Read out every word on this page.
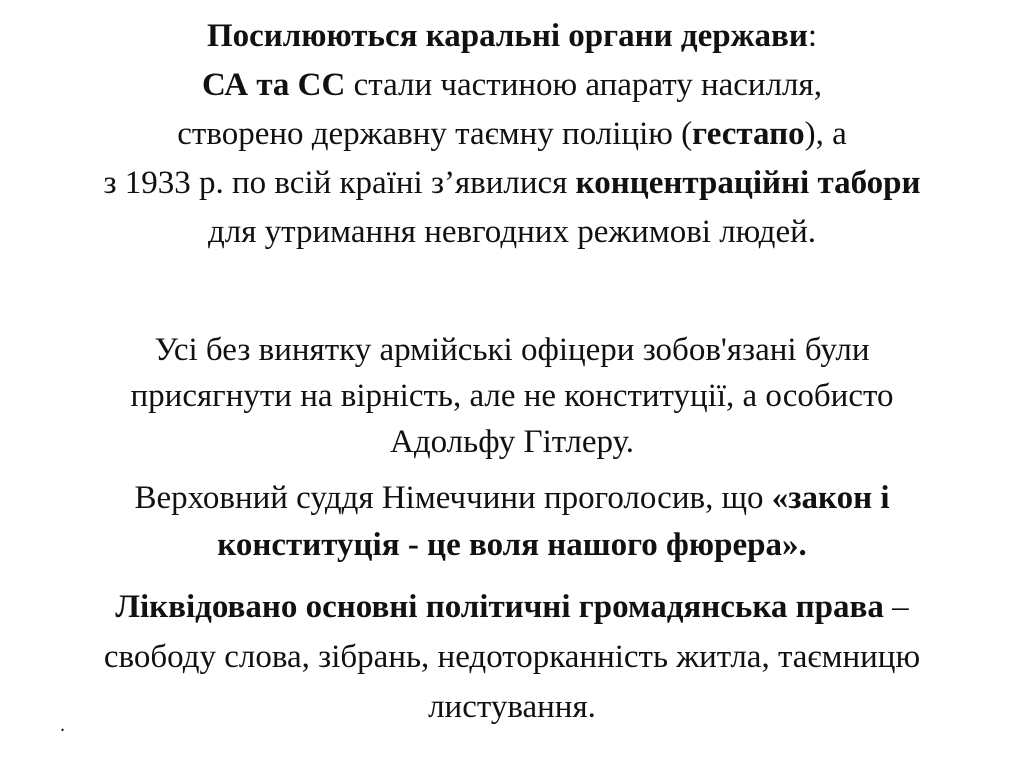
Посилюються каральні органи держави:
СА та СС стали частиною апарату насилля,
створено державну таємну поліцію (гестапо), а
з 1933 р. по всій країні з’явилися концентраційні табори
для утримання невгодних режимові людей.
Усі без винятку армійські офіцери зобов'язані були
присягнути на вірність, але не конституції, а особисто
Адольфу Гітлеру.
Верховний суддя Німеччини проголосив, що «закон і
конституція - це воля нашого фюрера».
Ліквідовано основні політичні громадянська права –
свободу слова, зібрань, недоторканність житла, таємницю
листування.
.
